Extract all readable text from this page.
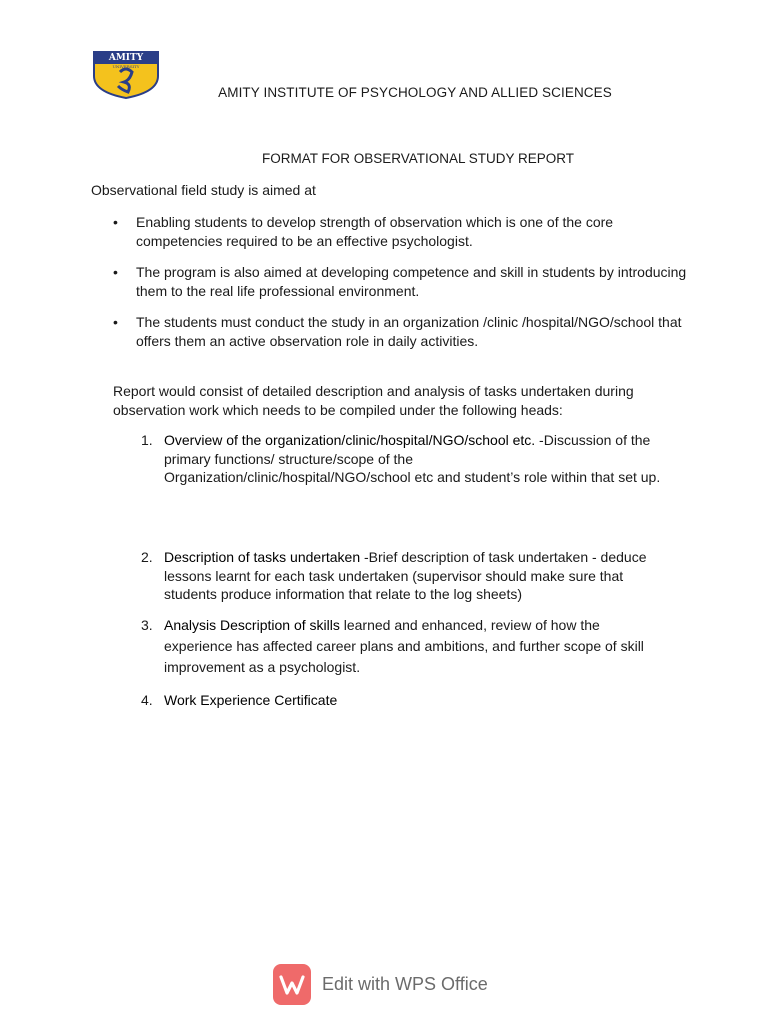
AMITY
UNIVERSITY
AMITY INSTITUTE OF PSYCHOLOGY AND ALLIED SCIENCES
FORMAT FOR OBSERVATIONAL STUDY REPORT
Observational field study is aimed at
• Enabling students to develop strength of observation which is one of the core competencies required to be an effective psychologist.
• The program is also aimed at developing competence and skill in students by introducing them to the real life professional environment.
• The students must conduct the study in an organization /clinic /hospital/NGO/school that offers them an active observation role in daily activities.
Report would consist of detailed description and analysis of tasks undertaken during observation work which needs to be compiled under the following heads:
1. Overview of the organization/clinic/hospital/NGO/school etc. -Discussion of the primary functions/ structure/scope of the Organization/clinic/hospital/NGO/school etc and student’s role within that set up.
2. Description of tasks undertaken -Brief description of task undertaken - deduce lessons learnt for each task undertaken (supervisor should make sure that students produce information that relate to the log sheets)
3. Analysis Description of skills learned and enhanced, review of how the experience has affected career plans and ambitions, and further scope of skill improvement as a psychologist.
4. Work Experience Certificate
Edit with WPS Office
